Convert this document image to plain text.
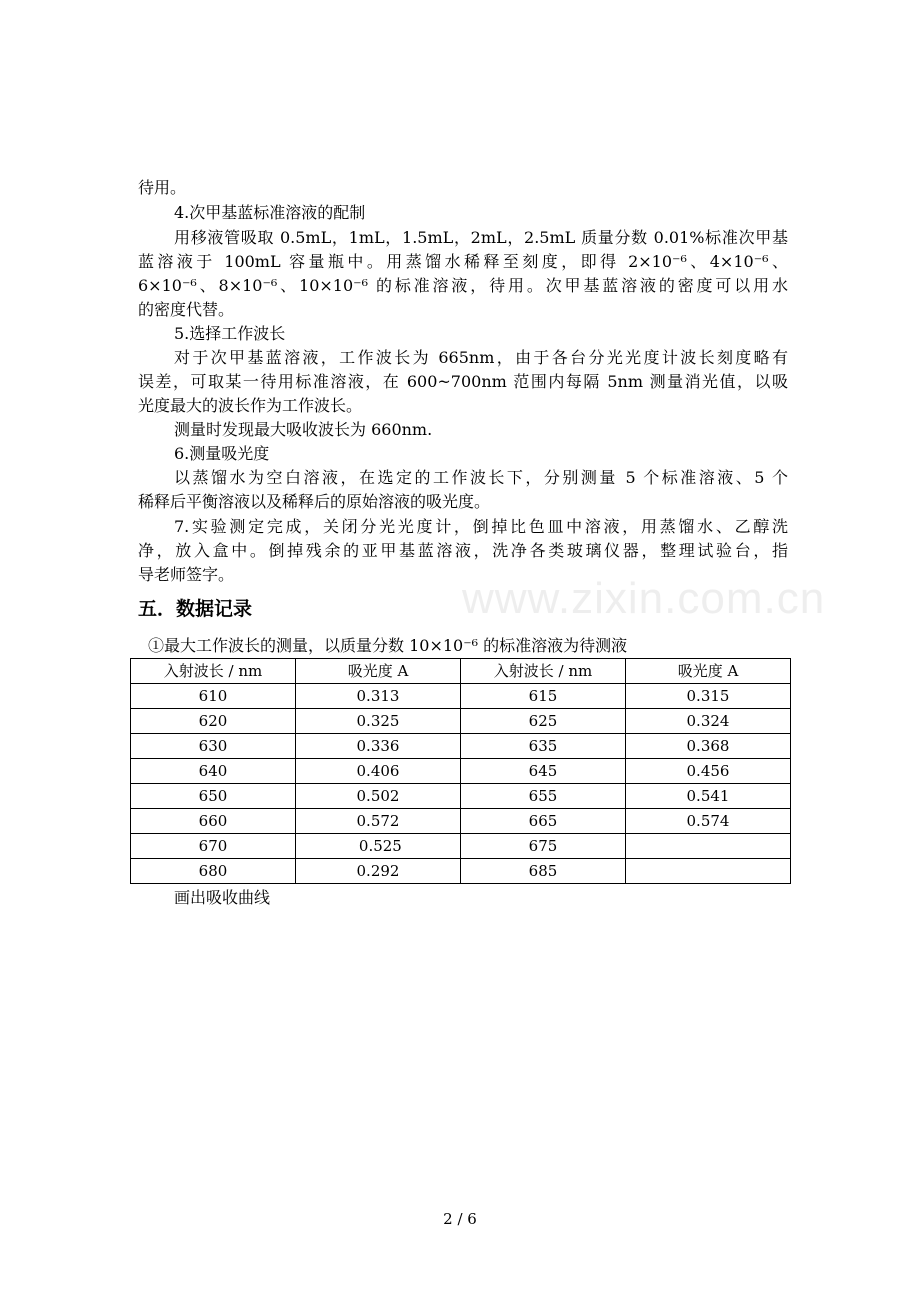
www.zixin.com.cn
待用。
4.次甲基蓝标准溶液的配制
用移液管吸取 0.5mL，1mL，1.5mL，2mL，2.5mL 质量分数 0.01%标准次甲基
蓝溶液于 100mL 容量瓶中。用蒸馏水稀释至刻度，即得 2×10⁻⁶、4×10⁻⁶、
6×10⁻⁶、8×10⁻⁶、10×10⁻⁶ 的标准溶液，待用。次甲基蓝溶液的密度可以用水
的密度代替。
5.选择工作波长
对于次甲基蓝溶液，工作波长为 665nm，由于各台分光光度计波长刻度略有
误差，可取某一待用标准溶液，在 600~700nm 范围内每隔 5nm 测量消光值，以吸
光度最大的波长作为工作波长。
测量时发现最大吸收波长为 660nm.
6.测量吸光度
以蒸馏水为空白溶液，在选定的工作波长下，分别测量 5 个标准溶液、5 个
稀释后平衡溶液以及稀释后的原始溶液的吸光度。
7.实验测定完成，关闭分光光度计，倒掉比色皿中溶液，用蒸馏水、乙醇洗
净，放入盒中。倒掉残余的亚甲基蓝溶液，洗净各类玻璃仪器，整理试验台，指
导老师签字。
五．数据记录
①最大工作波长的测量，以质量分数 10×10⁻⁶ 的标准溶液为待测液
入射波长 / nm	吸光度 A	入射波长 / nm	吸光度 A
610	0.313	615	0.315
620	0.325	625	0.324
630	0.336	635	0.368
640	0.406	645	0.456
650	0.502	655	0.541
660	0.572	665	0.574
670	0.525	675	
680	0.292	685	
画出吸收曲线
2 / 6
